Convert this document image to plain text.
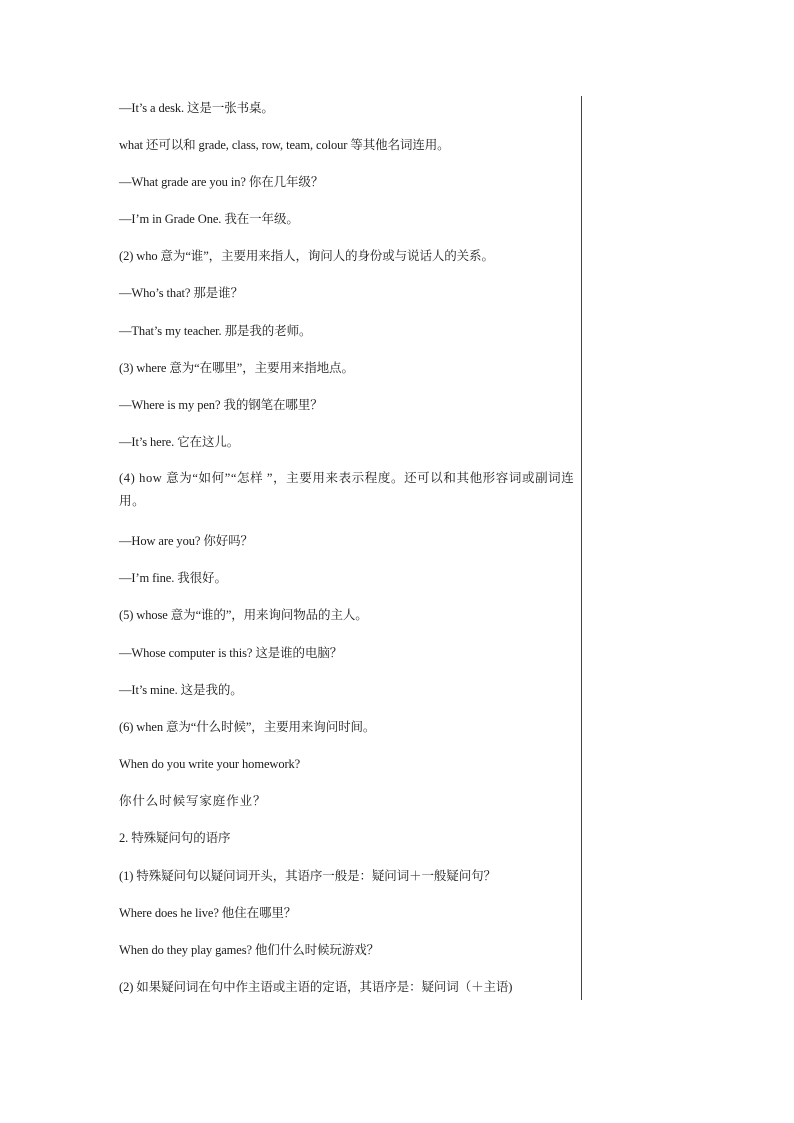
—It’s a desk. 这是一张书桌。
what 还可以和 grade, class, row, team, colour 等其他名词连用。
—What grade are you in? 你在几年级？
—I’m in Grade One. 我在一年级。
(2) who 意为“谁”，主要用来指人，询问人的身份或与说话人的关系。
—Who’s that? 那是谁？
—That’s my teacher. 那是我的老师。
(3) where 意为“在哪里”，主要用来指地点。
—Where is my pen? 我的钢笔在哪里？
—It’s here. 它在这儿。
(4) how 意为“如何”“怎样 ”，主要用来表示程度。还可以和其他形容词或副词连用。
—How are you? 你好吗？
—I’m fine. 我很好。
(5) whose 意为“谁的”，用来询问物品的主人。
—Whose computer is this? 这是谁的电脑？
—It’s mine. 这是我的。
(6) when 意为“什么时候”，主要用来询问时间。
When do you write your homework?
你什么时候写家庭作业？
2. 特殊疑问句的语序
(1) 特殊疑问句以疑问词开头，其语序一般是：疑问词＋一般疑问句？
Where does he live? 他住在哪里？
When do they play games? 他们什么时候玩游戏？
(2) 如果疑问词在句中作主语或主语的定语，其语序是：疑问词（＋主语)
